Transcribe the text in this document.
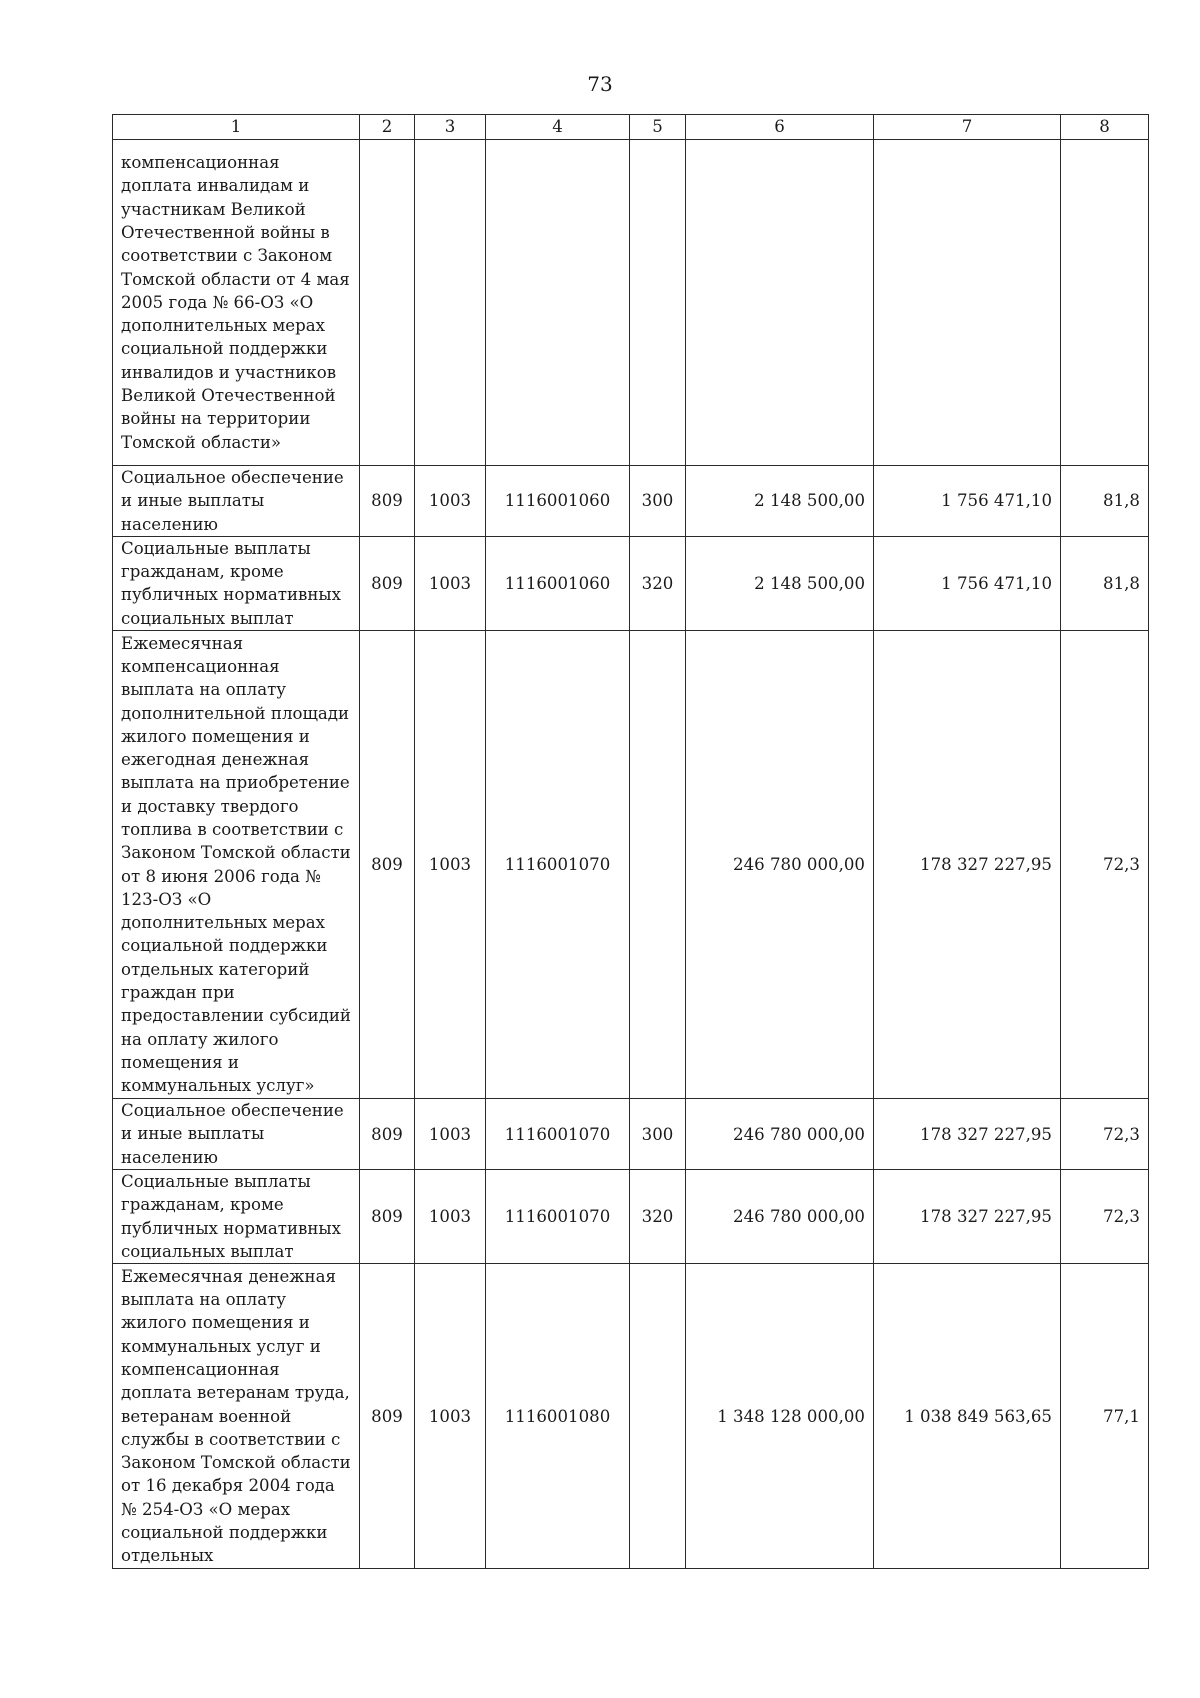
73
1	2	3	4	5	6	7	8
компенсационная доплата инвалидам и участникам Великой Отечественной войны в соответствии с Законом Томской области от 4 мая 2005 года № 66-ОЗ «О дополнительных мерах социальной поддержки инвалидов и участников Великой Отечественной войны на территории Томской области»							
Социальное обеспечение и иные выплаты населению	809	1003	1116001060	300	2 148 500,00	1 756 471,10	81,8
Социальные выплаты гражданам, кроме публичных нормативных социальных выплат	809	1003	1116001060	320	2 148 500,00	1 756 471,10	81,8
Ежемесячная компенсационная выплата на оплату дополнительной площади жилого помещения и ежегодная денежная выплата на приобретение и доставку твердого топлива в соответствии с Законом Томской области от 8 июня 2006 года № 123-ОЗ «О дополнительных мерах социальной поддержки отдельных категорий граждан при предоставлении субсидий на оплату жилого помещения и коммунальных услуг»	809	1003	1116001070		246 780 000,00	178 327 227,95	72,3
Социальное обеспечение и иные выплаты населению	809	1003	1116001070	300	246 780 000,00	178 327 227,95	72,3
Социальные выплаты гражданам, кроме публичных нормативных социальных выплат	809	1003	1116001070	320	246 780 000,00	178 327 227,95	72,3
Ежемесячная денежная выплата на оплату жилого помещения и коммунальных услуг и компенсационная доплата ветеранам труда, ветеранам военной службы в соответствии с Законом Томской области от 16 декабря 2004 года № 254-ОЗ «О мерах социальной поддержки отдельных	809	1003	1116001080		1 348 128 000,00	1 038 849 563,65	77,1
